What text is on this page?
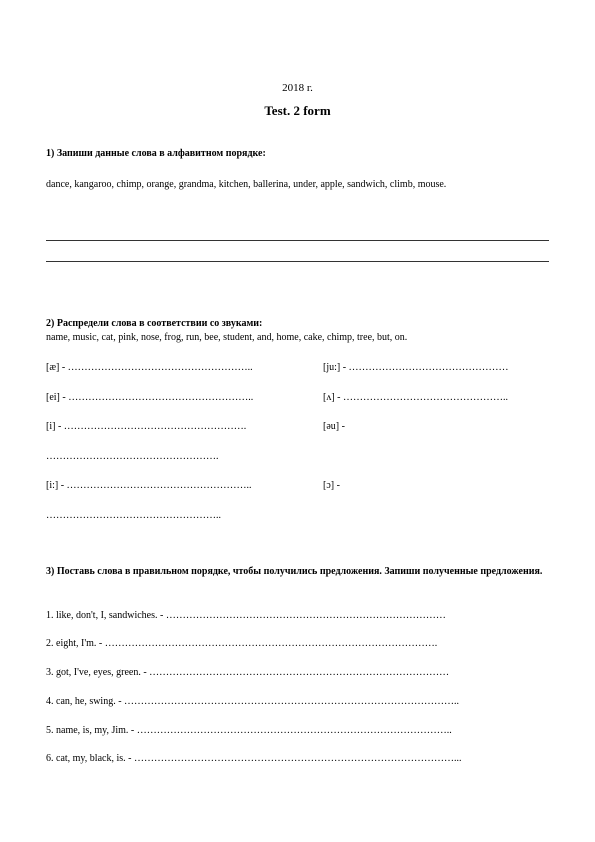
2018 г.
Test. 2 form
1) Запиши данные слова в алфавитном порядке:
dance, kangaroo, chimp, orange, grandma, kitchen, ballerina, under, apple, sandwich, climb, mouse.
2) Распредели слова в соответствии со звуками:
name, music, cat, pink, nose, frog, run, bee, student, and, home, cake, chimp, tree, but, on.
[æ] - ………………………………………………..
[ei] - ………………………………………………..
[i] - ……………………………………………….
…………………………………………….
[i:] - ………………………………………………..
……………………………………………..
[ju:] - …………………………………………
[ʌ] - …………………………………………..
[əu] -
[ɔ] -
3) Поставь слова в правильном порядке, чтобы получились предложения. Запиши полученные предложения.
1. like, don't, I, sandwiches. - …………………………………………………………………………
2. eight, I'm. - ……………………………………………………………………………………….
3. got, I've, eyes, green. - ………………………………………………………………………………
4. can, he, swing. - ………………………………………………………………………………………..
5. name, is, my, Jim. - …………………………………………………………………………………..
6. cat, my, black, is. - ……………………………………………………………………………………...
